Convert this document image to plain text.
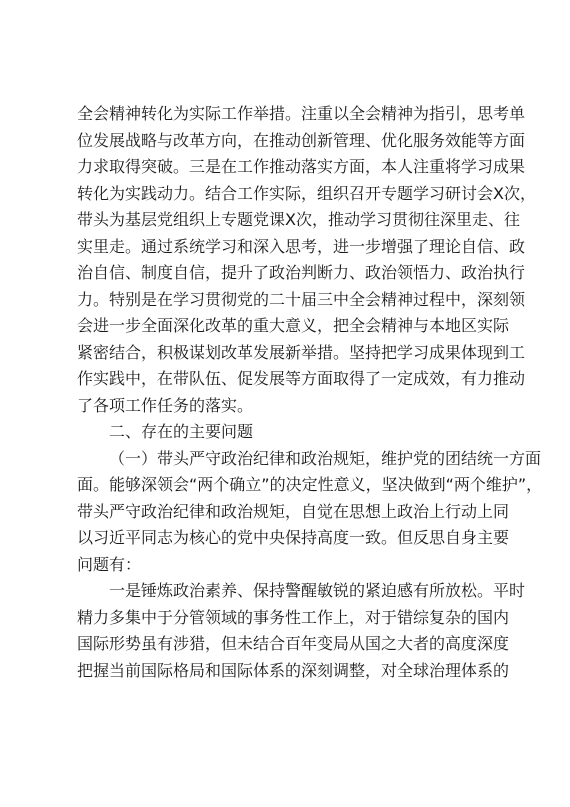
全会精神转化为实际工作举措。注重以全会精神为指引，思考单
位发展战略与改革方向，在推动创新管理、优化服务效能等方面
力求取得突破。三是在工作推动落实方面，本人注重将学习成果
转化为实践动力。结合工作实际，组织召开专题学习研讨会X次，
带头为基层党组织上专题党课X次，推动学习贯彻往深里走、往
实里走。通过系统学习和深入思考，进一步增强了理论自信、政
治自信、制度自信，提升了政治判断力、政治领悟力、政治执行
力。特别是在学习贯彻党的二十届三中全会精神过程中，深刻领
会进一步全面深化改革的重大意义，把全会精神与本地区实际
紧密结合，积极谋划改革发展新举措。坚持把学习成果体现到工
作实践中，在带队伍、促发展等方面取得了一定成效，有力推动
了各项工作任务的落实。
二、存在的主要问题
（一）带头严守政治纪律和政治规矩，维护党的团结统一方面
面。能够深领会“两个确立”的决定性意义，坚决做到“两个维护”，
带头严守政治纪律和政治规矩，自觉在思想上政治上行动上同
以习近平同志为核心的党中央保持高度一致。但反思自身主要
问题有：
一是锤炼政治素养、保持警醒敏锐的紧迫感有所放松。平时
精力多集中于分管领域的事务性工作上，对于错综复杂的国内
国际形势虽有涉猎，但未结合百年变局从国之大者的高度深度
把握当前国际格局和国际体系的深刻调整，对全球治理体系的
